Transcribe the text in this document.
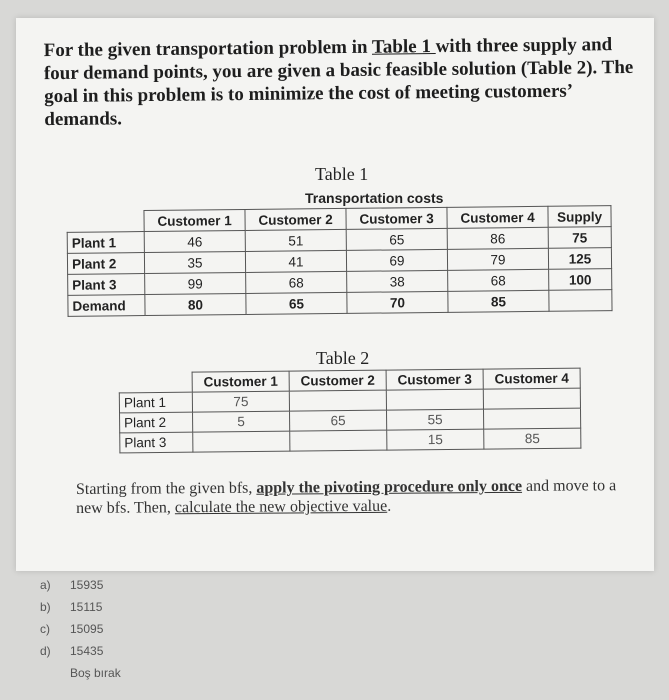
For the given transportation problem in Table 1 with three supply and four demand points, you are given a basic feasible solution (Table 2). The goal in this problem is to minimize the cost of meeting customers’ demands.
Table 1
Transportation costs
	Customer 1	Customer 2	Customer 3	Customer 4	Supply
Plant 1	46	51	65	86	75
Plant 2	35	41	69	79	125
Plant 3	99	68	38	68	100
Demand	80	65	70	85	
Table 2
	Customer 1	Customer 2	Customer 3	Customer 4
Plant 1	75			
Plant 2	5	65	55	
Plant 3			15	85
Starting from the given bfs, apply the pivoting procedure only once and move to a new bfs. Then, calculate the new objective value.
a) 15935
b) 15115
c) 15095
d) 15435
Boş bırak
